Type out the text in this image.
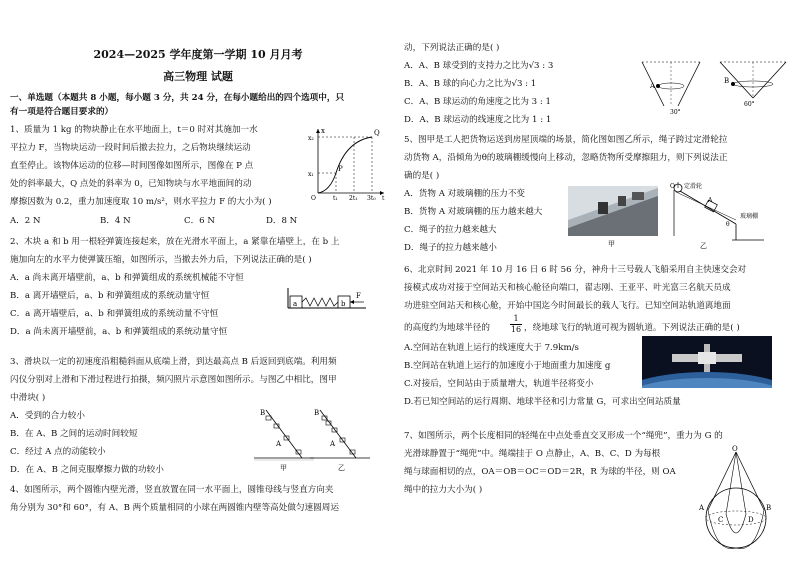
2024—2025 学年度第一学期 10 月月考
高三物理 试题
一、单选题（本题共 8 小题，每小题 3 分，共 24 分，在每小题给出的四个选项中，只
有一项是符合题目要求的）
1、质量为 1 kg 的物块静止在水平地面上，t＝0 时对其施加一水
平拉力 F，当物块运动一段时间后撤去拉力，之后物块继续运动
直至停止。该物体运动的位移—时间图像如图所示，图像在 P 点
处的斜率最大，Q 点处的斜率为 0，已知物块与水平地面间的动
摩擦因数为 0.2，重力加速度取 10 m/s²，则水平拉力 F 的大小为( )
A．2 N	B．4 N	C．6 N	D．8 N
x	Q
P
x₂
x₁
O	t₁ 2t₁ 3t₀ t
2、木块 a 和 b 用一根轻弹簧连接起来，放在光滑水平面上，a 紧靠在墙壁上，在 b 上
施加向左的水平力使弹簧压缩，如图所示，当撤去外力后，下列说法正确的是( )
A．a 尚未离开墙壁前，a、b 和弹簧组成的系统机械能不守恒
B．a 离开墙壁后，a、b 和弹簧组成的系统动量守恒
C．a 离开墙壁后，a、b 和弹簧组成的系统动量不守恒
D．a 尚未离开墙壁前，a、b 和弹簧组成的系统动量守恒
a	b
F
3、滑块以一定的初速度沿粗糙斜面从底端上滑，到达最高点 B 后返回到底端。利用频
闪仪分别对上滑和下滑过程进行拍摄，频闪照片示意图如图所示。与图乙中相比，图甲
中滑块( )
A．受到的合力较小
B．在 A、B 之间的运动时间较短
C．经过 A 点的动能较小
D．在 A、B 之间克服摩擦力做的功较小
B
A
B
A
甲	乙
4、如图所示，两个圆锥内壁光滑，竖直放置在同一水平面上，圆锥母线与竖直方向夹
角分别为 30°和 60°，有 A、B 两个质量相同的小球在两圆锥内壁等高处做匀速圆周运
动，下列说法正确的是( )
A．A、B 球受到的支持力之比为√3 : 3
B．A、B 球的向心力之比为√3 : 1
C．A、B 球运动的角速度之比为 3 : 1
D．A、B 球运动的线速度之比为 1 : 1
A
B
30°
60°
5、图甲是工人把货物运送到房屋顶端的场景，简化图如图乙所示，绳子跨过定滑轮拉
动货物 A，沿倾角为θ的玻璃棚缓慢向上移动，忽略货物所受摩擦阻力，则下列说法正
确的是( )
A．货物 A 对玻璃棚的压力不变
B．货物 A 对玻璃棚的压力越来越大
C．绳子的拉力越来越大
D．绳子的拉力越来越小	甲
O 定滑轮
A
玻璃棚
θ
乙
6、北京时间 2021 年 10 月 16 日 6 时 56 分，神舟十三号载人飞船采用自主快速交会对
接模式成功对接于空间站天和核心舱径向端口，翟志刚、王亚平、叶光富三名航天员成
功进驻空间站天和核心舱，开始中国迄今时间最长的载人飞行。已知空间站轨道离地面
的高度约为地球半径的	$\frac{1}{16}$ ，绕地球飞行的轨道可视为圆轨道。下列说法正确的是( )
A.空间站在轨道上运行的线速度大于 7.9km/s
B.空间站在轨道上运行的加速度小于地面重力加速度 g
C.对接后，空间站由于质量增大，轨道半径将变小
D.若已知空间站的运行周期、地球半径和引力常量 G，可求出空间站质量
7、如图所示，两个长度相同的轻绳在中点处垂直交叉形成一个“绳兜”，重力为 G 的
光滑球静置于“绳兜”中。绳端挂于 O 点静止，A、B、C、D 为每根
绳与球面相切的点，OA＝OB＝OC＝OD＝2R，R 为球的半径，则 OA
绳中的拉力大小为( )
O
A	B
C	D
